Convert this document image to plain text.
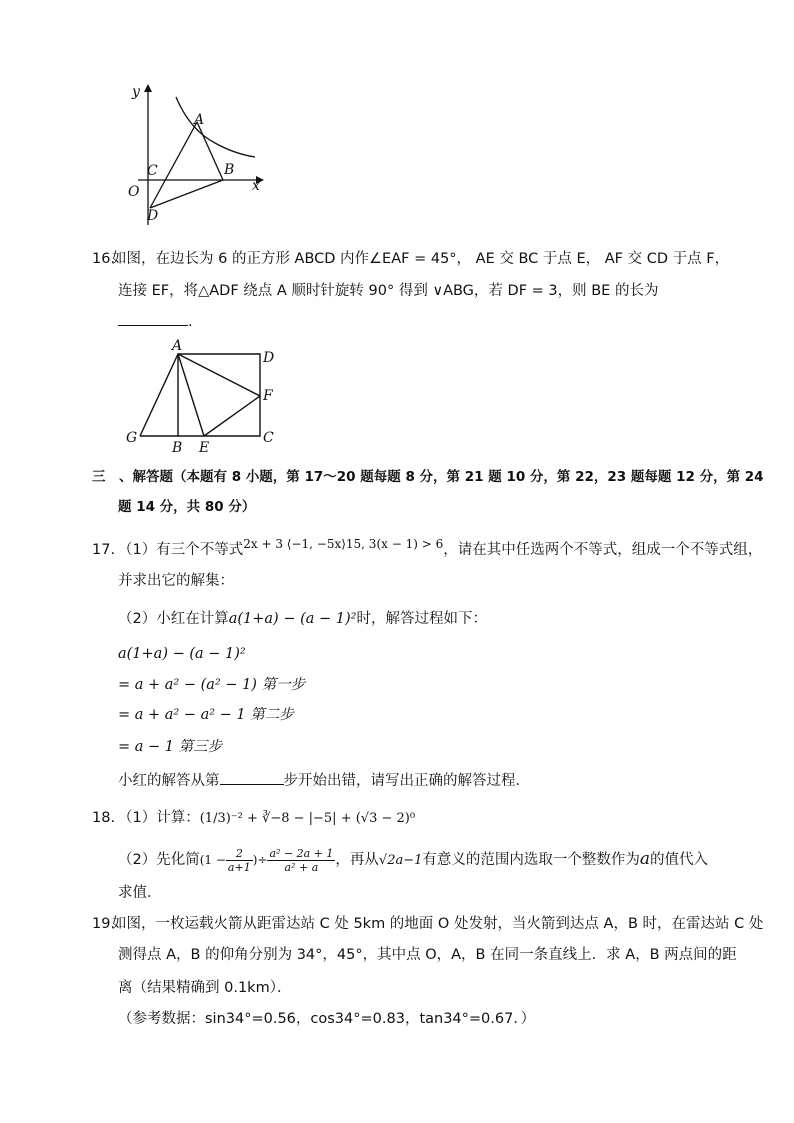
y
x
O
A
B
C
D
16.
如图，在边长为 6 的正方形 ABCD 内作∠EAF = 45°， AE 交 BC 于点 E， AF 交 CD 于点 F，
连接 EF，将△ADF 绕点 A 顺时针旋转 90° 得到 ∨ABG，若 DF = 3，则 BE 的长为
.
A
D
F
G
B E
C
三　、解答题（本题有 8 小题，第 17～20 题每题 8 分，第 21 题 10 分，第 22，23 题每题 12 分，第 24
题 14 分，共 80 分）
17. （1）有三个不等式$^{2x + 3 ⟨-1, -5x⟩15, 3(x - 1) > 6}$，请在其中任选两个不等式，组成一个不等式组，
并求出它的解集：
（2）小红在计算a(1+a) − (a − 1)²时，解答过程如下：
a(1+a) − (a − 1)²
= a + a² − (a² − 1) 第一步
= a + a² − a² − 1 第二步
= a − 1 第三步
小红的解答从第	步开始出错，请写出正确的解答过程．
18. （1）计算：(1/3)⁻² + ∛−8 − |−5| + (√3 − 2)⁰
（2）先化简($1 - \frac{2}{a+1}$ )÷ $\frac{\text{a² − 2a + 1}}{\text{a² + a}}$ ，再从√2a−1有意义的范围内选取一个整数作为a的值代入
求值．
19.
如图，一枚运载火箭从距雷达站 C 处 5km 的地面 O 处发射，当火箭到达点 A，B 时，在雷达站 C 处
测得点 A，B 的仰角分别为 34°，45°，其中点 O，A，B 在同一条直线上．求 A，B 两点间的距
离（结果精确到 0.1km）．
（参考数据：sin34°=0.56，cos34°=0.83，tan34°=0.67．）
